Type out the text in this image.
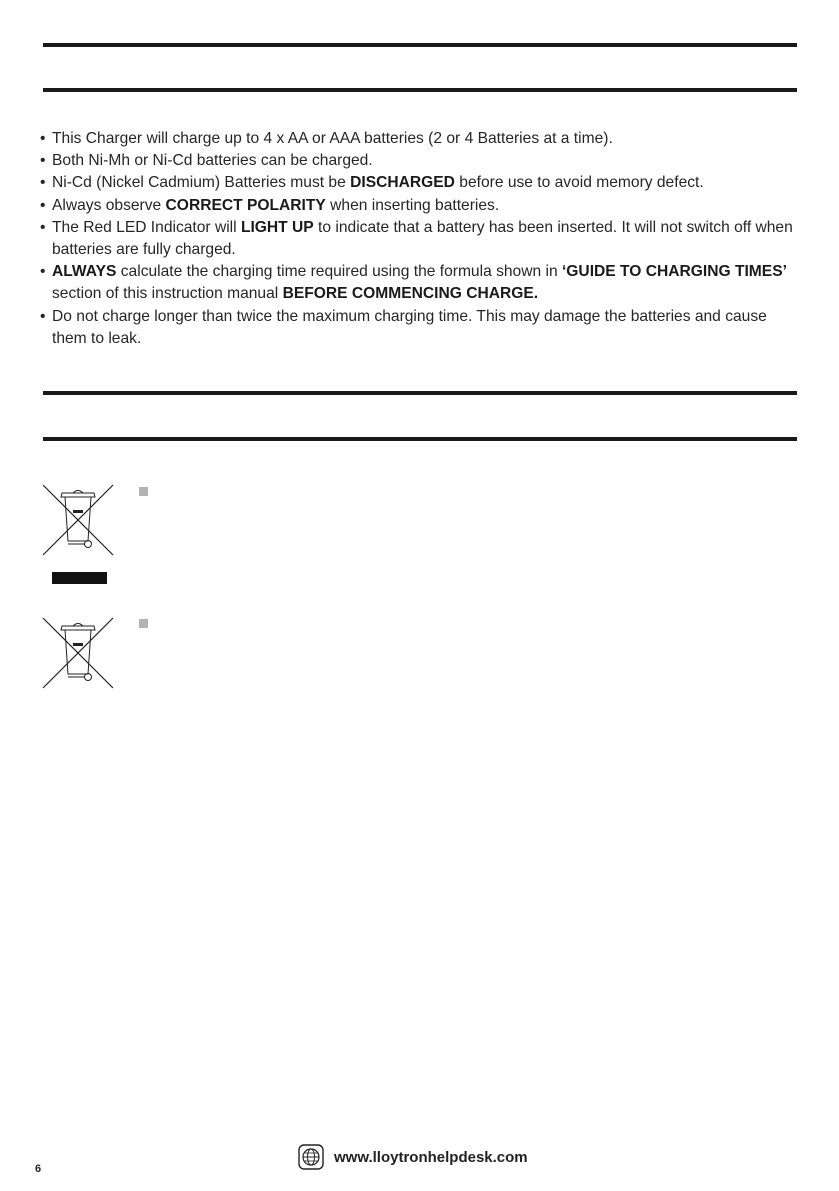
• This Charger will charge up to 4 x AA or AAA batteries (2 or 4 Batteries at a time).
• Both Ni-Mh or Ni-Cd batteries can be charged.
• Ni-Cd (Nickel Cadmium) Batteries must be DISCHARGED before use to avoid memory defect.
• Always observe CORRECT POLARITY when inserting batteries.
• The Red LED Indicator will LIGHT UP to indicate that a battery has been inserted. It will not switch off when batteries are fully charged.
• ALWAYS calculate the charging time required using the formula shown in ‘GUIDE TO CHARGING TIMES’ section of this instruction manual BEFORE COMMENCING CHARGE.
• Do not charge longer than twice the maximum charging time. This may damage the batteries and cause them to leak.
www.lloytronhelpdesk.com
6
